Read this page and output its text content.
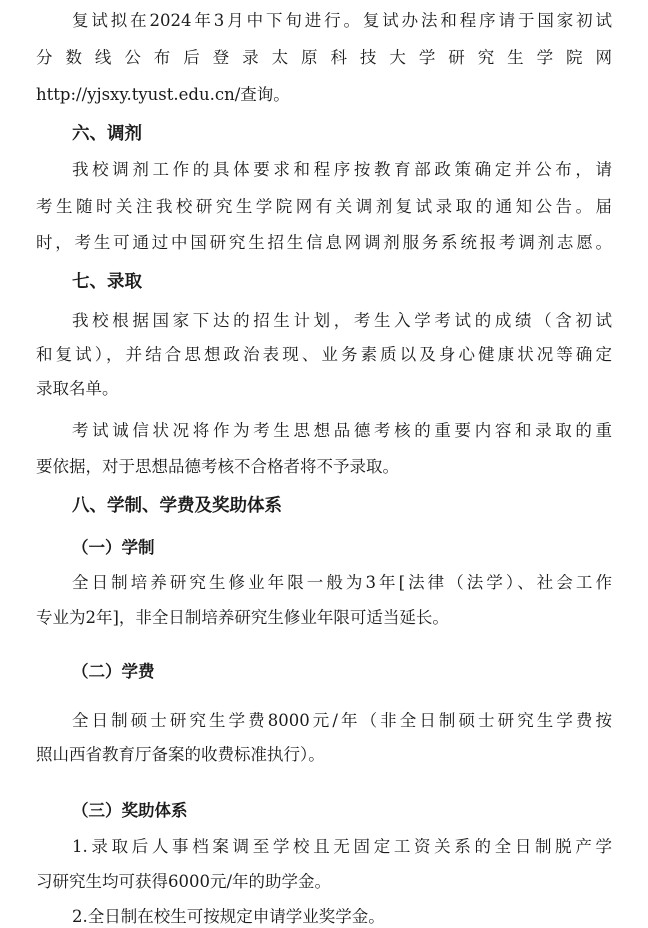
复试拟在2024年3月中下旬进行。复试办法和程序请于国家初试
分数线公布后登录太原科技大学研究生学院网
http://yjsxy.tyust.edu.cn/查询。
六、调剂
我校调剂工作的具体要求和程序按教育部政策确定并公布，请
考生随时关注我校研究生学院网有关调剂复试录取的通知公告。届
时，考生可通过中国研究生招生信息网调剂服务系统报考调剂志愿。
七、录取
我校根据国家下达的招生计划，考生入学考试的成绩（含初试
和复试），并结合思想政治表现、业务素质以及身心健康状况等确定
录取名单。
考试诚信状况将作为考生思想品德考核的重要内容和录取的重
要依据，对于思想品德考核不合格者将不予录取。
八、学制、学费及奖助体系
（一）学制
全日制培养研究生修业年限一般为3年[法律（法学）、社会工作
专业为2年]，非全日制培养研究生修业年限可适当延长。
（二）学费
全日制硕士研究生学费8000元/年（非全日制硕士研究生学费按
照山西省教育厅备案的收费标准执行）。
（三）奖助体系
1.录取后人事档案调至学校且无固定工资关系的全日制脱产学
习研究生均可获得6000元/年的助学金。
2.全日制在校生可按规定申请学业奖学金。
